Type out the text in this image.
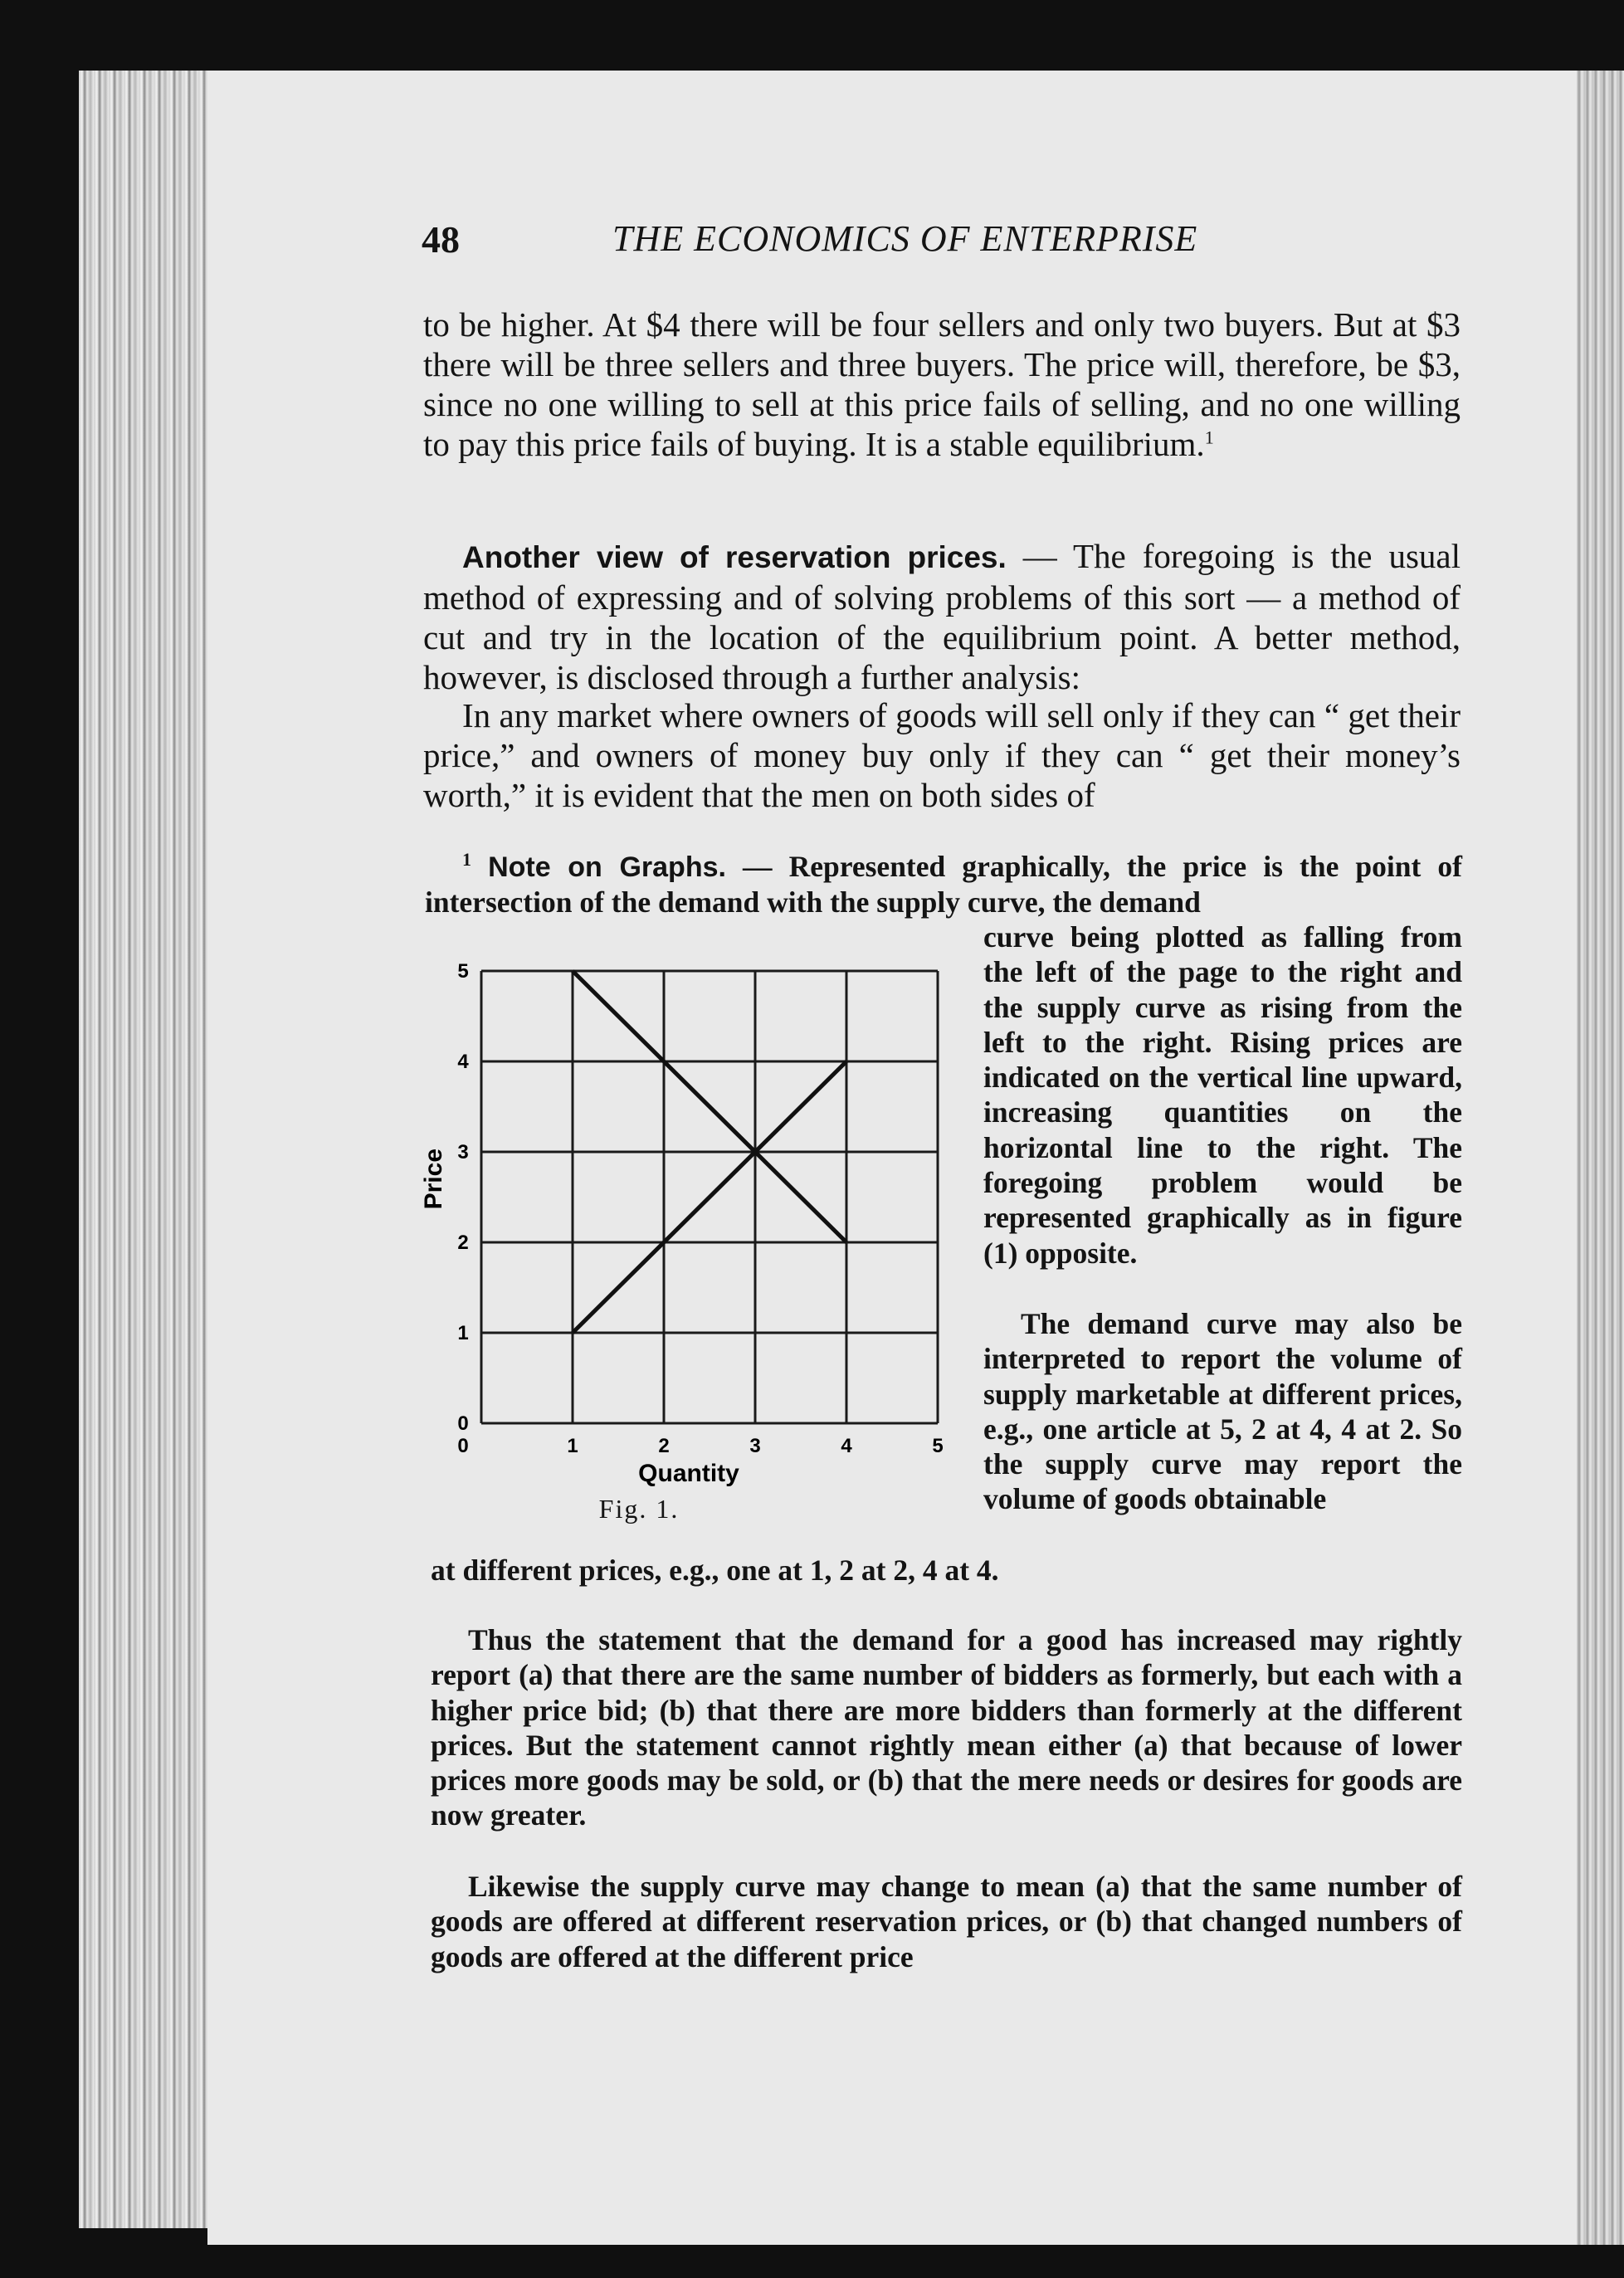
48	THE ECONOMICS OF ENTERPRISE

to be higher. At $4 there will be four sellers and only two buyers. But at $3 there will be three sellers and three buyers. The price will, therefore, be $3, since no one willing to sell at this price fails of selling, and no one willing to pay this price fails of buying. It is a stable equilibrium.$^1$

Another view of reservation prices. — The foregoing is the usual method of expressing and of solving problems of this sort — a method of cut and try in the location of the equilibrium point. A better method, however, is disclosed through a further analysis:

In any market where owners of goods will sell only if they can “ get their price,” and owners of money buy only if they can “ get their money’s worth,” it is evident that the men on both sides of

$^1$ Note on Graphs. — Represented graphically, the price is the point of intersection of the demand with the supply curve, the demand

curve being plotted as falling from the left of the page to the right and the supply curve as rising from the left to the right. Rising prices are indicated on the vertical line upward, increasing quantities on the horizontal line to the right. The foregoing problem would be represented graphically as in figure (1) opposite.

The demand curve may also be interpreted to report the volume of supply marketable at different prices, e.g., one article at 5, 2 at 4, 4 at 2. So the supply curve may report the volume of goods obtainable

at different prices, e.g., one at 1, 2 at 2, 4 at 4.

Thus the statement that the demand for a good has increased may rightly report (a) that there are the same number of bidders as formerly, but each with a higher price bid; (b) that there are more bidders than formerly at the different prices. But the statement cannot rightly mean either (a) that because of lower prices more goods may be sold, or (b) that the mere needs or desires for goods are now greater.

Likewise the supply curve may change to mean (a) that the same number of goods are offered at different reservation prices, or (b) that changed numbers of goods are offered at the different price

0	1	2	3	4	5
0
1
2
3
4
5
Quantity
Price
Fig. 1.
